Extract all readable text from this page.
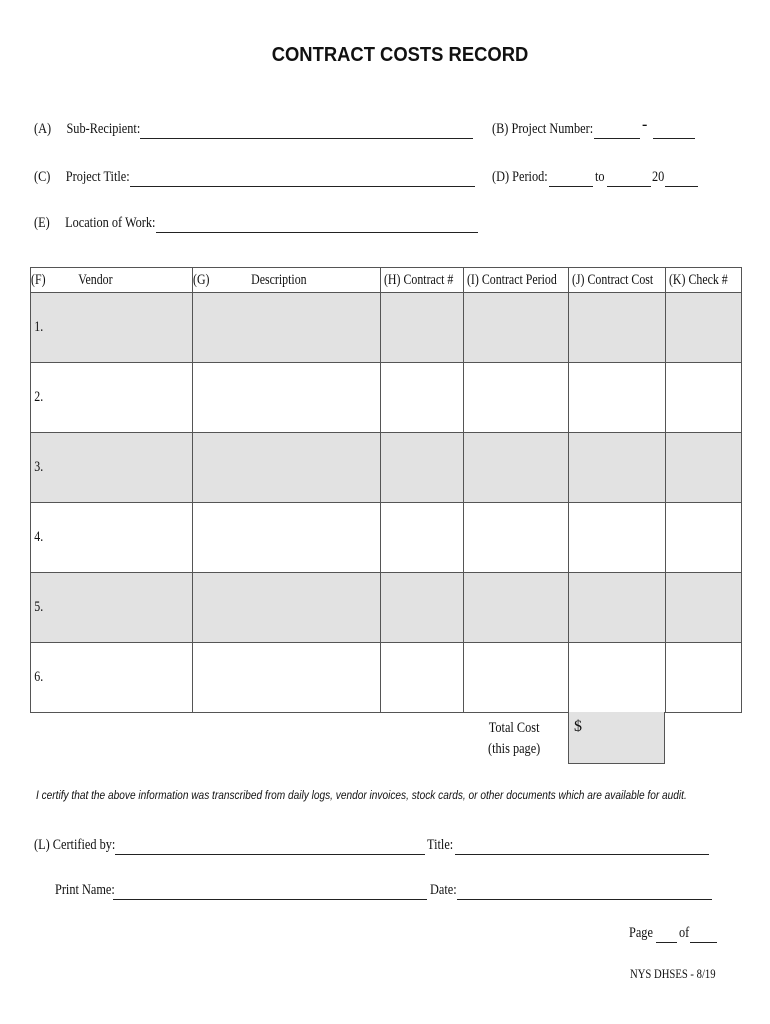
CONTRACT COSTS RECORD
(A) Sub-Recipient:	(B) Project Number:	-
(C) Project Title:	(D) Period:	to	20
(E) Location of Work:
(F) Vendor	(G) Description	(H) Contract #	(I) Contract Period	(J) Contract Cost	(K) Check #
1.					
2.					
3.					
4.					
5.					
6.					
Total Cost
(this page)
$
I certify that the above information was transcribed from daily logs, vendor invoices, stock cards, or other documents which are available for audit.
(L) Certified by:	Title:
Print Name:	Date:
Page of
NYS DHSES - 8/19
